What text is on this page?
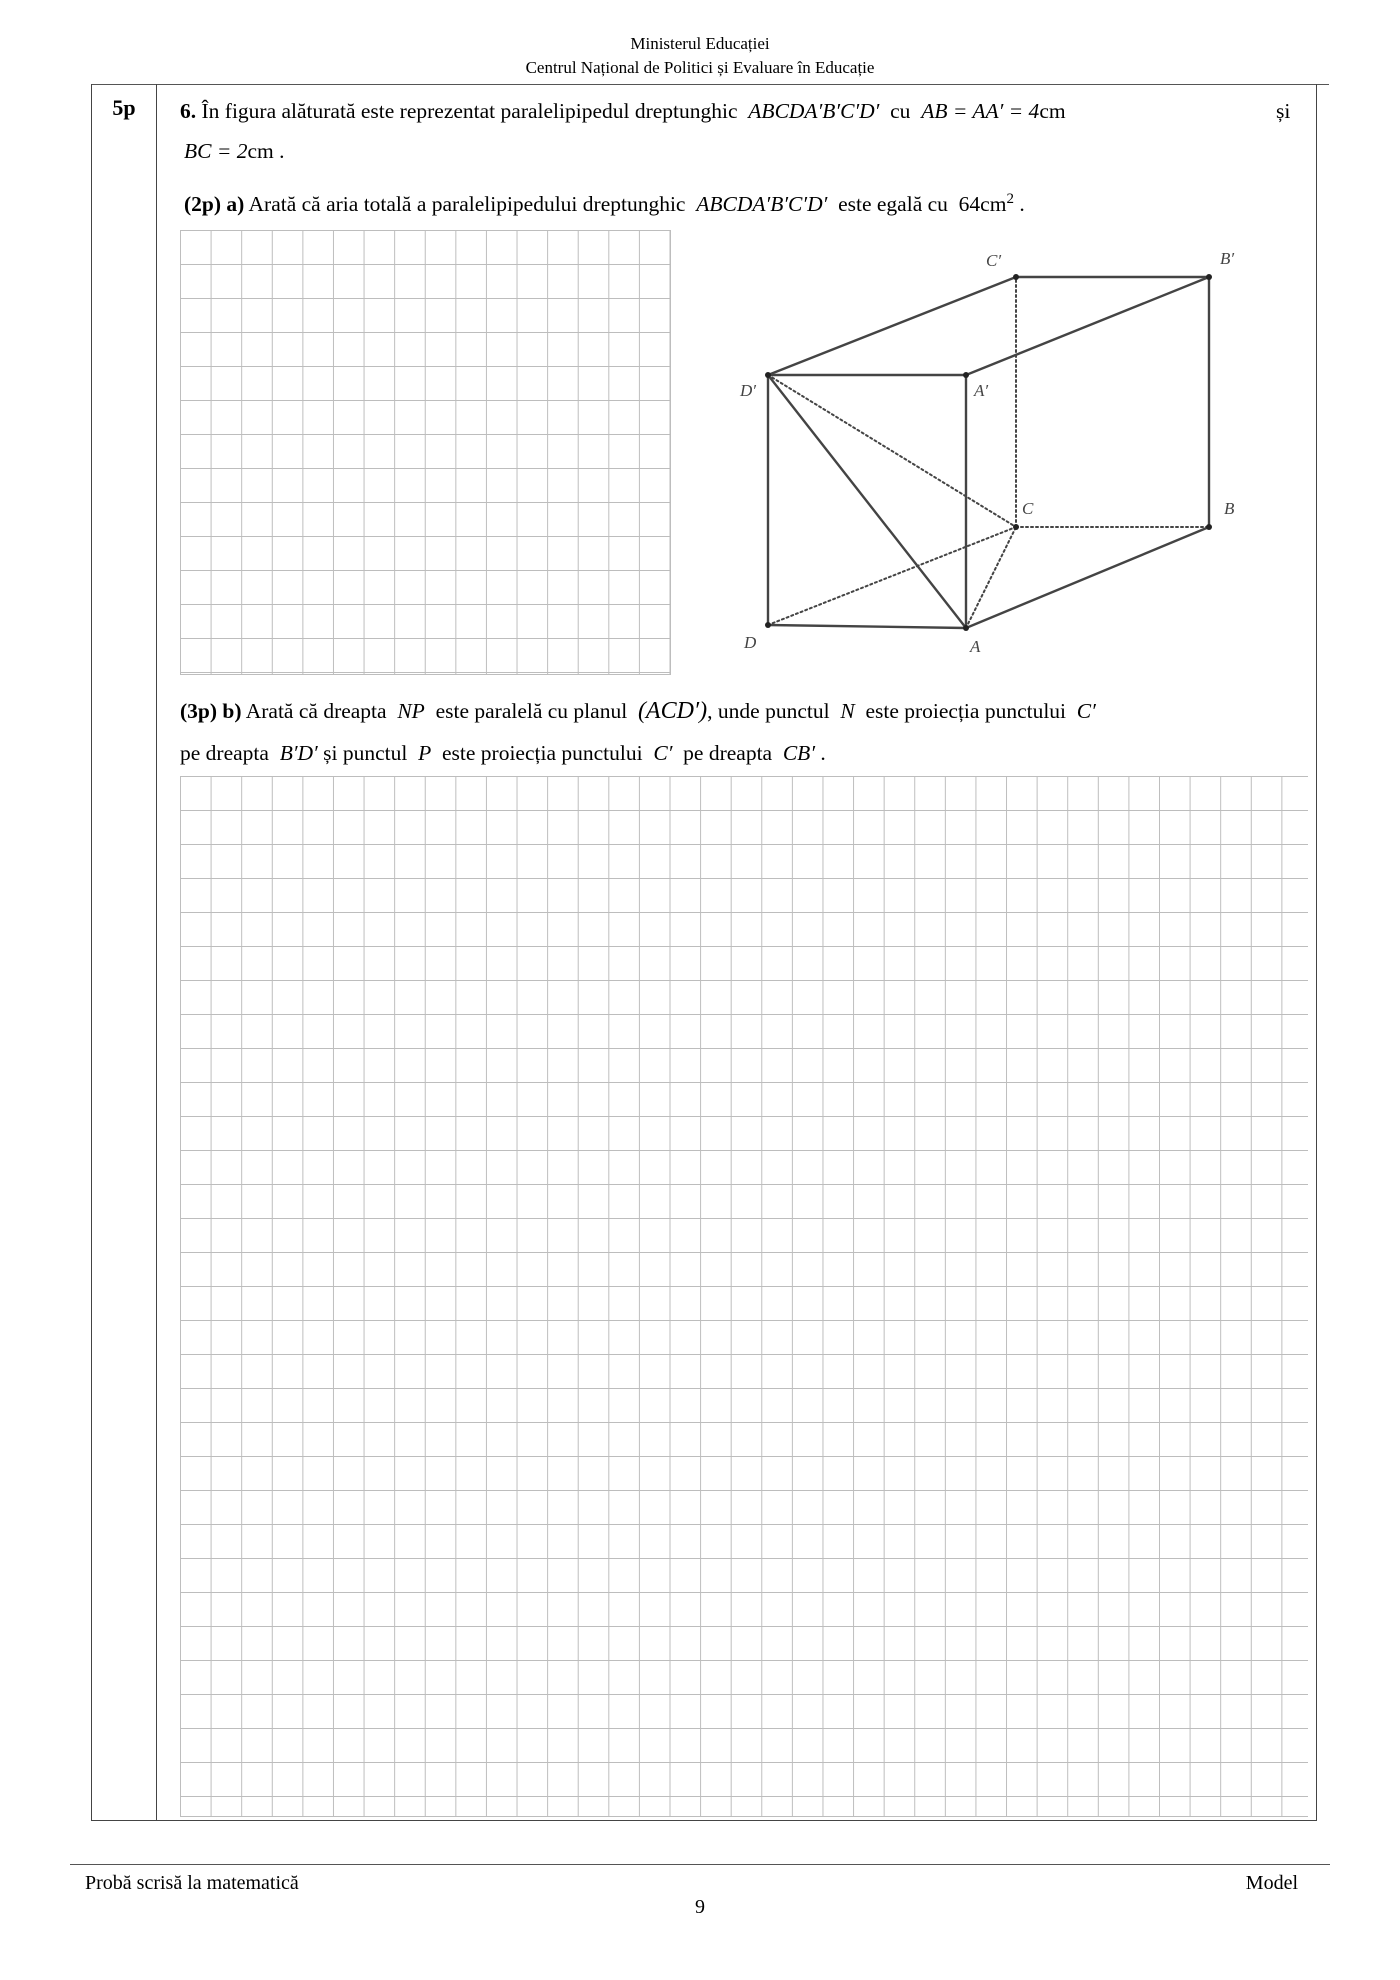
Ministerul Educației
Centrul Național de Politici și Evaluare în Educație
5p	6. În figura alăturată este reprezentat paralelipipedul dreptunghic ABCDA′B′C′D′ cu AB = AA′ = 4cm	și
BC = 2cm .
(2p) a) Arată că aria totală a paralelipipedului dreptunghic ABCDA′B′C′D′ este egală cu $64cm^2$ .
A
B
C
D
A′
B′
C′
D′
(3p) b) Arată că dreapta NP este paralelă cu planul (ACD′), unde punctul N este proiecția punctului C′
pe dreapta B′D′ și punctul P este proiecția punctului C′ pe dreapta CB′ .
Probă scrisă la matematică	Model
9
